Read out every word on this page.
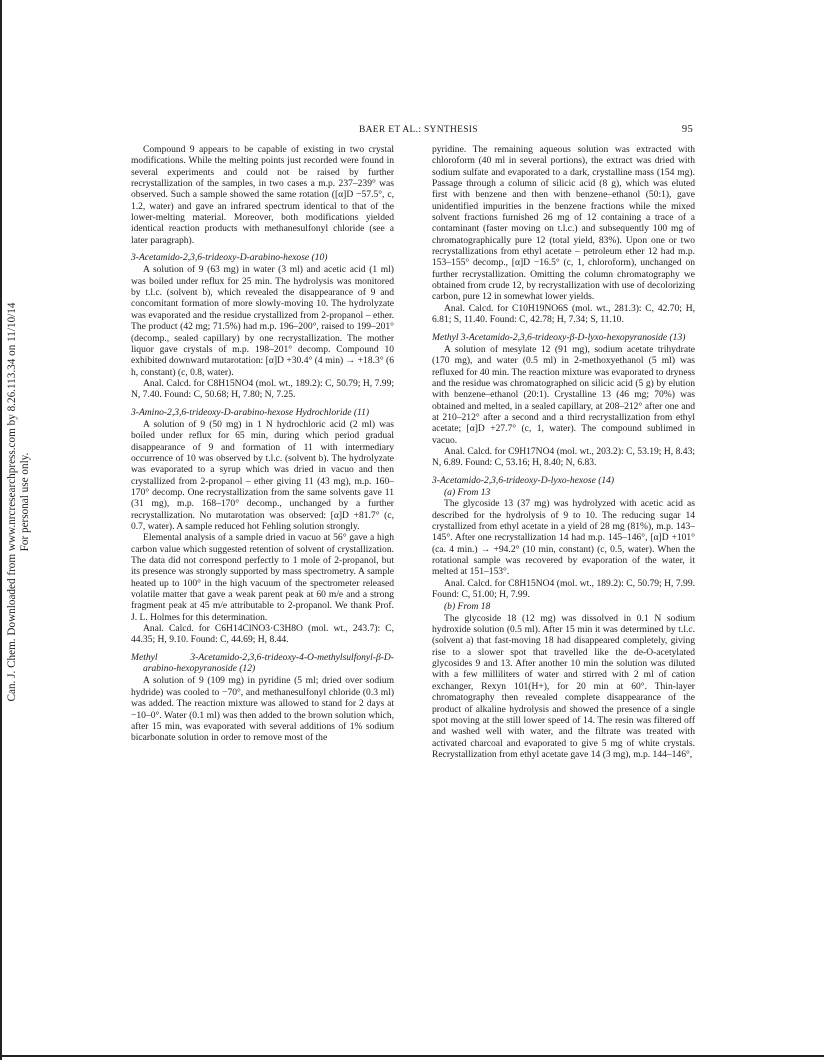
Can. J. Chem. Downloaded from www.nrcresearchpress.com by 8.26.113.34 on 11/10/14 For personal use only.
BAER ET AL.: SYNTHESIS	95

Compound 9 appears to be capable of existing in two crystal modifications. While the melting points just recorded were found in several experiments and could not be raised by further recrystallization of the samples, in two cases a m.p. 237–239° was observed. Such a sample showed the same rotation ([α]D −57.5°, c, 1.2, water) and gave an infrared spectrum identical to that of the lower-melting material. Moreover, both modifications yielded identical reaction products with methanesulfonyl chloride (see a later paragraph).

3-Acetamido-2,3,6-trideoxy-D-arabino-hexose (10)

A solution of 9 (63 mg) in water (3 ml) and acetic acid (1 ml) was boiled under reflux for 25 min. The hydrolysis was monitored by t.l.c. (solvent b), which revealed the disappearance of 9 and concomitant formation of more slowly-moving 10. The hydrolyzate was evaporated and the residue crystallized from 2-propanol – ether. The product (42 mg; 71.5%) had m.p. 196–200°, raised to 199–201° (decomp., sealed capillary) by one recrystallization. The mother liquor gave crystals of m.p. 198–201° decomp. Compound 10 exhibited downward mutarotation: [α]D +30.4° (4 min) → +18.3° (6 h, constant) (c, 0.8, water).

Anal. Calcd. for C8H15NO4 (mol. wt., 189.2): C, 50.79; H, 7.99; N, 7.40. Found: C, 50.68; H, 7.80; N, 7.25.

3-Amino-2,3,6-trideoxy-D-arabino-hexose Hydrochloride (11)

A solution of 9 (50 mg) in 1 N hydrochloric acid (2 ml) was boiled under reflux for 65 min, during which period gradual disappearance of 9 and formation of 11 with intermediary occurrence of 10 was observed by t.l.c. (solvent b). The hydrolyzate was evaporated to a syrup which was dried in vacuo and then crystallized from 2-propanol – ether giving 11 (43 mg), m.p. 160–170° decomp. One recrystallization from the same solvents gave 11 (31 mg), m.p. 168–170° decomp., unchanged by a further recrystallization. No mutarotation was observed: [α]D +81.7° (c, 0.7, water). A sample reduced hot Fehling solution strongly.

Elemental analysis of a sample dried in vacuo at 56° gave a high carbon value which suggested retention of solvent of crystallization. The data did not correspond perfectly to 1 mole of 2-propanol, but its presence was strongly supported by mass spectrometry. A sample heated up to 100° in the high vacuum of the spectrometer released volatile matter that gave a weak parent peak at 60 m/e and a strong fragment peak at 45 m/e attributable to 2-propanol. We thank Prof. J. L. Holmes for this determination.

Anal. Calcd. for C6H14ClNO3·C3H8O (mol. wt., 243.7): C, 44.35; H, 9.10. Found: C, 44.69; H, 8.44.

Methyl 3-Acetamido-2,3,6-trideoxy-4-O-methylsulfonyl-β-D-arabino-hexopyranoside (12)

A solution of 9 (109 mg) in pyridine (5 ml; dried over sodium hydride) was cooled to −70°, and methanesulfonyl chloride (0.3 ml) was added. The reaction mixture was allowed to stand for 2 days at −10–0°. Water (0.1 ml) was then added to the brown solution which, after 15 min, was evaporated with several additions of 1% sodium bicarbonate solution in order to remove most of the

pyridine. The remaining aqueous solution was extracted with chloroform (40 ml in several portions), the extract was dried with sodium sulfate and evaporated to a dark, crystalline mass (154 mg). Passage through a column of silicic acid (8 g), which was eluted first with benzene and then with benzene–ethanol (50:1), gave unidentified impurities in the benzene fractions while the mixed solvent fractions furnished 26 mg of 12 containing a trace of a contaminant (faster moving on t.l.c.) and subsequently 100 mg of chromatographically pure 12 (total yield, 83%). Upon one or two recrystallizations from ethyl acetate – petroleum ether 12 had m.p. 153–155° decomp., [α]D −16.5° (c, 1, chloroform), unchanged on further recrystallization. Omitting the column chromatography we obtained from crude 12, by recrystallization with use of decolorizing carbon, pure 12 in somewhat lower yields.

Anal. Calcd. for C10H19NO6S (mol. wt., 281.3): C, 42.70; H, 6.81; S, 11.40. Found: C, 42.78; H, 7.34; S, 11.10.

Methyl 3-Acetamido-2,3,6-trideoxy-β-D-lyxo-hexopyranoside (13)

A solution of mesylate 12 (91 mg), sodium acetate trihydrate (170 mg), and water (0.5 ml) in 2-methoxyethanol (5 ml) was refluxed for 40 min. The reaction mixture was evaporated to dryness and the residue was chromatographed on silicic acid (5 g) by elution with benzene–ethanol (20:1). Crystalline 13 (46 mg; 70%) was obtained and melted, in a sealed capillary, at 208–212° after one and at 210–212° after a second and a third recrystallization from ethyl acetate; [α]D +27.7° (c, 1, water). The compound sublimed in vacuo.

Anal. Calcd. for C9H17NO4 (mol. wt., 203.2): C, 53.19; H, 8.43; N, 6.89. Found: C, 53.16; H, 8.40; N, 6.83.

3-Acetamido-2,3,6-trideoxy-D-lyxo-hexose (14)
(a) From 13

The glycoside 13 (37 mg) was hydrolyzed with acetic acid as described for the hydrolysis of 9 to 10. The reducing sugar 14 crystallized from ethyl acetate in a yield of 28 mg (81%), m.p. 143–145°. After one recrystallization 14 had m.p. 145–146°, [α]D +101° (ca. 4 min.) → +94.2° (10 min, constant) (c, 0.5, water). When the rotational sample was recovered by evaporation of the water, it melted at 151–153°.

Anal. Calcd. for C8H15NO4 (mol. wt., 189.2): C, 50.79; H, 7.99. Found: C, 51.00; H, 7.99.

(b) From 18

The glycoside 18 (12 mg) was dissolved in 0.1 N sodium hydroxide solution (0.5 ml). After 15 min it was determined by t.l.c. (solvent a) that fast-moving 18 had disappeared completely, giving rise to a slower spot that travelled like the de-O-acetylated glycosides 9 and 13. After another 10 min the solution was diluted with a few milliliters of water and stirred with 2 ml of cation exchanger, Rexyn 101(H+), for 20 min at 60°. Thin-layer chromatography then revealed complete disappearance of the product of alkaline hydrolysis and showed the presence of a single spot moving at the still lower speed of 14. The resin was filtered off and washed well with water, and the filtrate was treated with activated charcoal and evaporated to give 5 mg of white crystals. Recrystallization from ethyl acetate gave 14 (3 mg), m.p. 144–146°,
